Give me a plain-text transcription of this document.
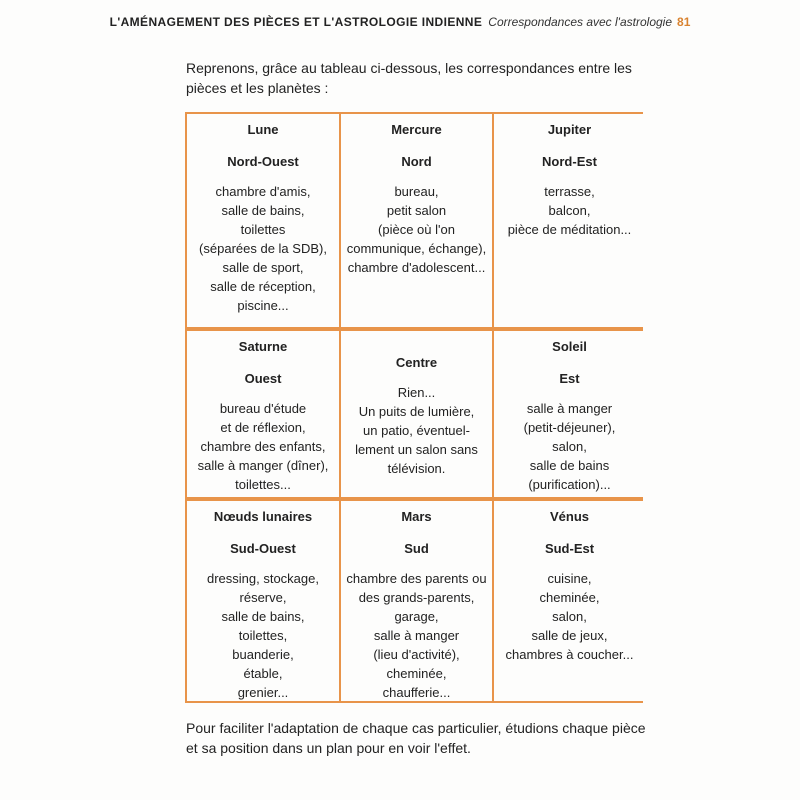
L'AMÉNAGEMENT DES PIÈCES ET L'ASTROLOGIE INDIENNE Correspondances avec l'astrologie 81
Reprenons, grâce au tableau ci-dessous, les correspondances entre les pièces et les planètes :
Lune
Nord-Ouest
chambre d'amis,
salle de bains,
toilettes
(séparées de la SDB),
salle de sport,
salle de réception,
piscine...
Mercure
Nord
bureau,
petit salon
(pièce où l'on
communique, échange),
chambre d'adolescent...
Jupiter
Nord-Est
terrasse,
balcon,
pièce de méditation...
Saturne
Ouest
bureau d'étude
et de réflexion,
chambre des enfants,
salle à manger (dîner),
toilettes...
Centre
Rien...
Un puits de lumière,
un patio, éventuel-
lement un salon sans
télévision.
Soleil
Est
salle à manger
(petit-déjeuner),
salon,
salle de bains
(purification)...
Nœuds lunaires
Sud-Ouest
dressing, stockage,
réserve,
salle de bains,
toilettes,
buanderie,
étable,
grenier...
Mars
Sud
chambre des parents ou
des grands-parents,
garage,
salle à manger
(lieu d'activité),
cheminée,
chaufferie...
Vénus
Sud-Est
cuisine,
cheminée,
salon,
salle de jeux,
chambres à coucher...
Pour faciliter l'adaptation de chaque cas particulier, étudions chaque pièce et sa position dans un plan pour en voir l'effet.
